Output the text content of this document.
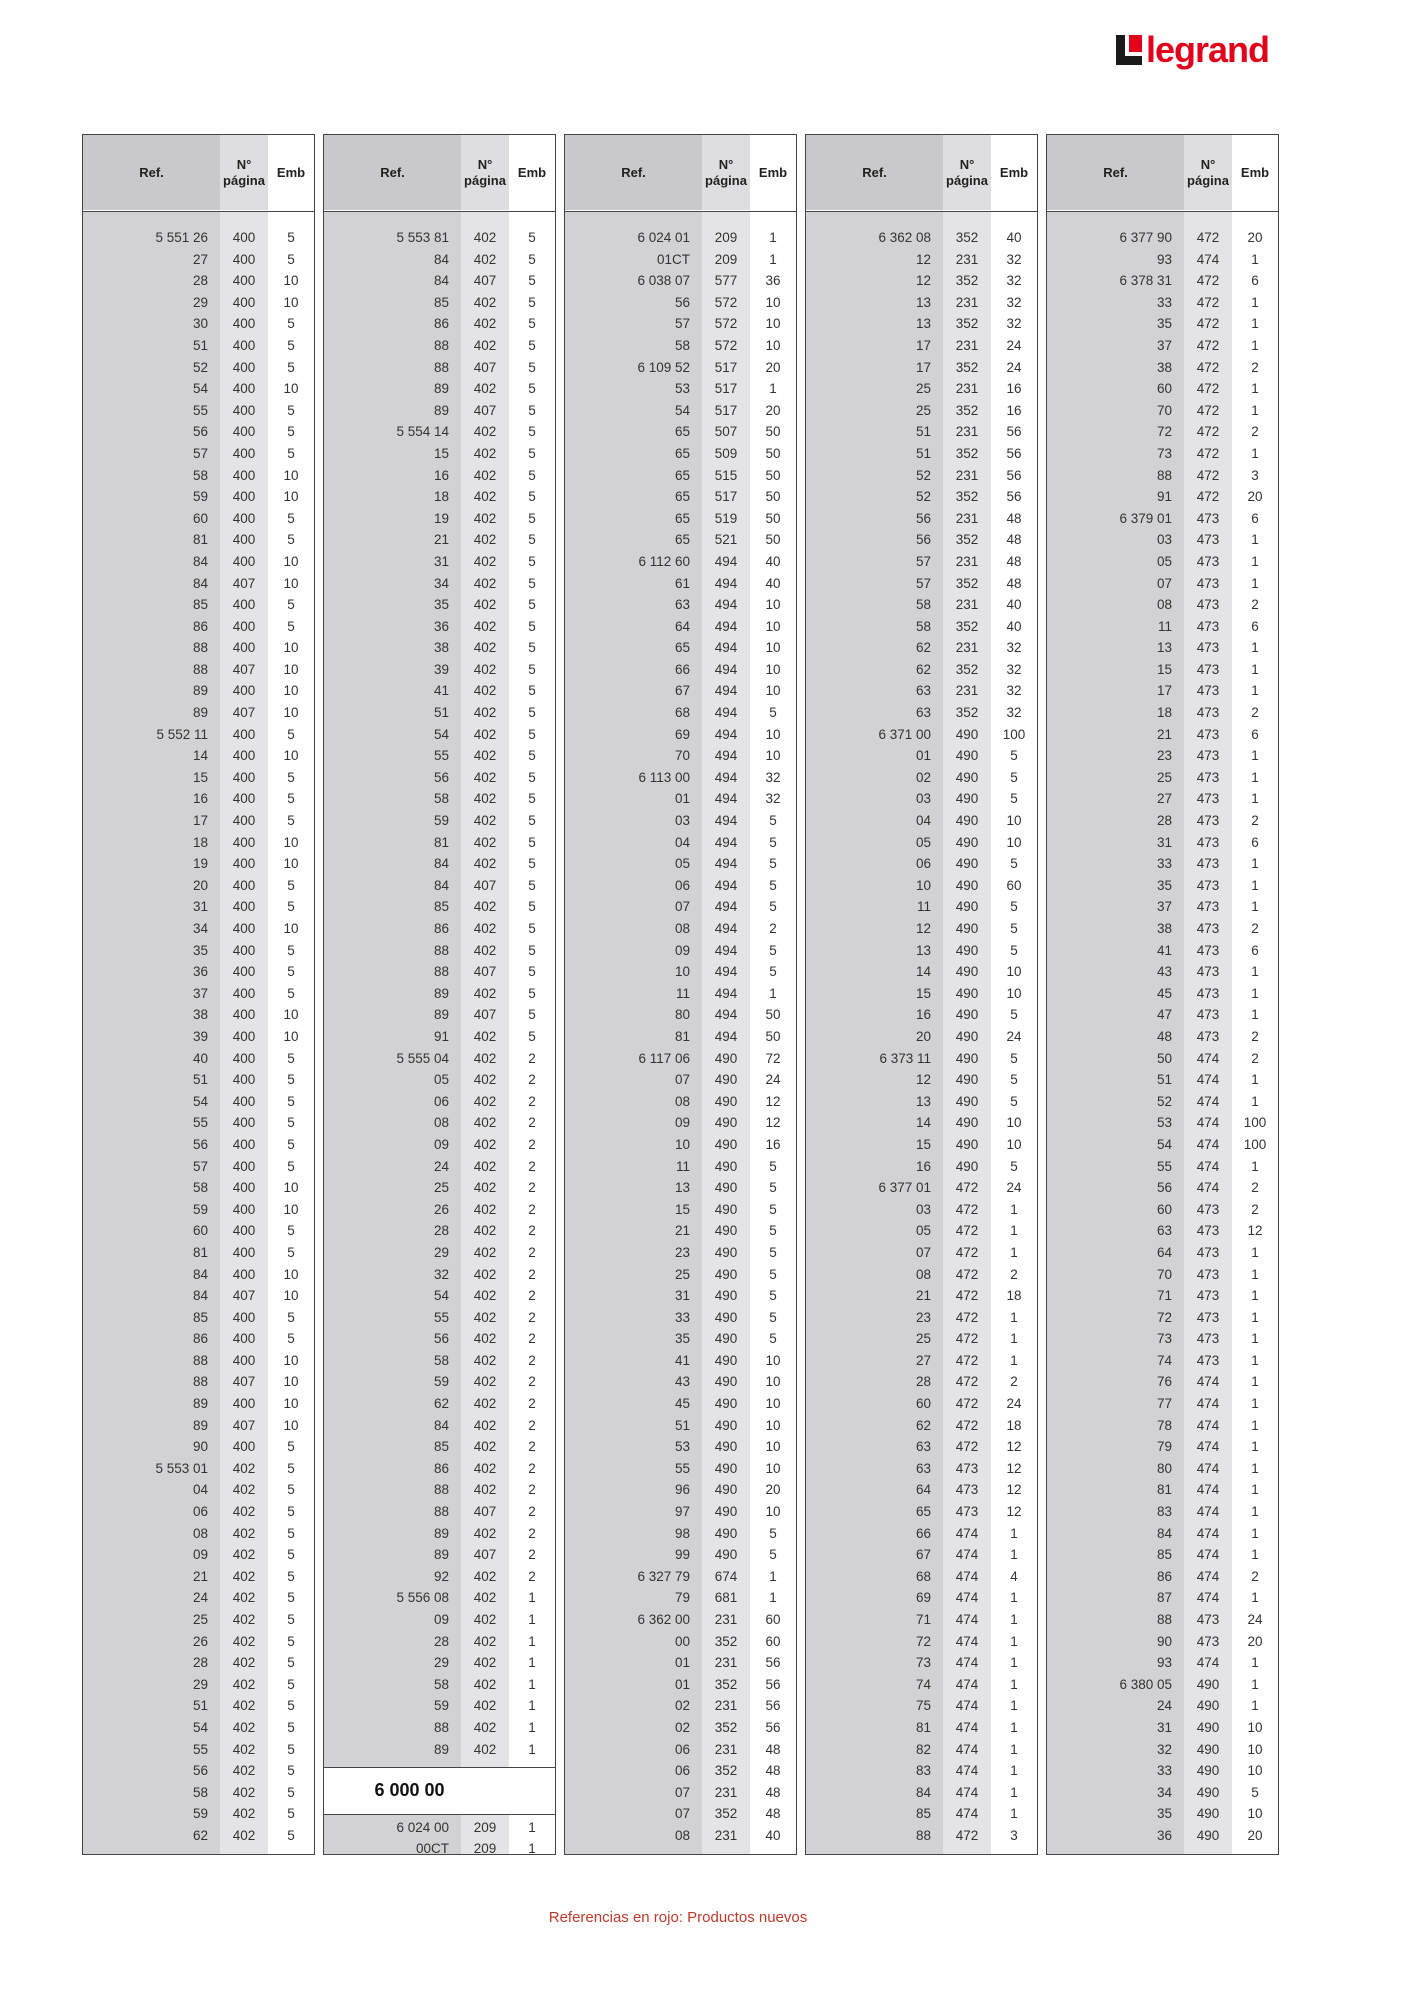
legrand
Ref.
N°
página
Emb
5 551 26	400	5
27	400	5
28	400	10
29	400	10
30	400	5
51	400	5
52	400	5
54	400	10
55	400	5
56	400	5
57	400	5
58	400	10
59	400	10
60	400	5
81	400	5
84	400	10
84	407	10
85	400	5
86	400	5
88	400	10
88	407	10
89	400	10
89	407	10
5 552 11	400	5
14	400	10
15	400	5
16	400	5
17	400	5
18	400	10
19	400	10
20	400	5
31	400	5
34	400	10
35	400	5
36	400	5
37	400	5
38	400	10
39	400	10
40	400	5
51	400	5
54	400	5
55	400	5
56	400	5
57	400	5
58	400	10
59	400	10
60	400	5
81	400	5
84	400	10
84	407	10
85	400	5
86	400	5
88	400	10
88	407	10
89	400	10
89	407	10
90	400	5
5 553 01	402	5
04	402	5
06	402	5
08	402	5
09	402	5
21	402	5
24	402	5
25	402	5
26	402	5
28	402	5
29	402	5
51	402	5
54	402	5
55	402	5
56	402	5
58	402	5
59	402	5
62	402	5
Ref.
N°
página
Emb
5 553 81	402	5
84	402	5
84	407	5
85	402	5
86	402	5
88	402	5
88	407	5
89	402	5
89	407	5
5 554 14	402	5
15	402	5
16	402	5
18	402	5
19	402	5
21	402	5
31	402	5
34	402	5
35	402	5
36	402	5
38	402	5
39	402	5
41	402	5
51	402	5
54	402	5
55	402	5
56	402	5
58	402	5
59	402	5
81	402	5
84	402	5
84	407	5
85	402	5
86	402	5
88	402	5
88	407	5
89	402	5
89	407	5
91	402	5
5 555 04	402	2
05	402	2
06	402	2
08	402	2
09	402	2
24	402	2
25	402	2
26	402	2
28	402	2
29	402	2
32	402	2
54	402	2
55	402	2
56	402	2
58	402	2
59	402	2
62	402	2
84	402	2
85	402	2
86	402	2
88	402	2
88	407	2
89	402	2
89	407	2
92	402	2
5 556 08	402	1
09	402	1
28	402	1
29	402	1
58	402	1
59	402	1
88	402	1
89	402	1
6 000 00
6 024 00	209	1
00CT	209	1
Ref.
N°
página
Emb
6 024 01	209	1
01CT	209	1
6 038 07	577	36
56	572	10
57	572	10
58	572	10
6 109 52	517	20
53	517	1
54	517	20
65	507	50
65	509	50
65	515	50
65	517	50
65	519	50
65	521	50
6 112 60	494	40
61	494	40
63	494	10
64	494	10
65	494	10
66	494	10
67	494	10
68	494	5
69	494	10
70	494	10
6 113 00	494	32
01	494	32
03	494	5
04	494	5
05	494	5
06	494	5
07	494	5
08	494	2
09	494	5
10	494	5
11	494	1
80	494	50
81	494	50
6 117 06	490	72
07	490	24
08	490	12
09	490	12
10	490	16
11	490	5
13	490	5
15	490	5
21	490	5
23	490	5
25	490	5
31	490	5
33	490	5
35	490	5
41	490	10
43	490	10
45	490	10
51	490	10
53	490	10
55	490	10
96	490	20
97	490	10
98	490	5
99	490	5
6 327 79	674	1
79	681	1
6 362 00	231	60
00	352	60
01	231	56
01	352	56
02	231	56
02	352	56
06	231	48
06	352	48
07	231	48
07	352	48
08	231	40
Ref.
N°
página
Emb
6 362 08	352	40
12	231	32
12	352	32
13	231	32
13	352	32
17	231	24
17	352	24
25	231	16
25	352	16
51	231	56
51	352	56
52	231	56
52	352	56
56	231	48
56	352	48
57	231	48
57	352	48
58	231	40
58	352	40
62	231	32
62	352	32
63	231	32
63	352	32
6 371 00	490	100
01	490	5
02	490	5
03	490	5
04	490	10
05	490	10
06	490	5
10	490	60
11	490	5
12	490	5
13	490	5
14	490	10
15	490	10
16	490	5
20	490	24
6 373 11	490	5
12	490	5
13	490	5
14	490	10
15	490	10
16	490	5
6 377 01	472	24
03	472	1
05	472	1
07	472	1
08	472	2
21	472	18
23	472	1
25	472	1
27	472	1
28	472	2
60	472	24
62	472	18
63	472	12
63	473	12
64	473	12
65	473	12
66	474	1
67	474	1
68	474	4
69	474	1
71	474	1
72	474	1
73	474	1
74	474	1
75	474	1
81	474	1
82	474	1
83	474	1
84	474	1
85	474	1
88	472	3
Ref.
N°
página
Emb
6 377 90	472	20
93	474	1
6 378 31	472	6
33	472	1
35	472	1
37	472	1
38	472	2
60	472	1
70	472	1
72	472	2
73	472	1
88	472	3
91	472	20
6 379 01	473	6
03	473	1
05	473	1
07	473	1
08	473	2
11	473	6
13	473	1
15	473	1
17	473	1
18	473	2
21	473	6
23	473	1
25	473	1
27	473	1
28	473	2
31	473	6
33	473	1
35	473	1
37	473	1
38	473	2
41	473	6
43	473	1
45	473	1
47	473	1
48	473	2
50	474	2
51	474	1
52	474	1
53	474	100
54	474	100
55	474	1
56	474	2
60	473	2
63	473	12
64	473	1
70	473	1
71	473	1
72	473	1
73	473	1
74	473	1
76	474	1
77	474	1
78	474	1
79	474	1
80	474	1
81	474	1
83	474	1
84	474	1
85	474	1
86	474	2
87	474	1
88	473	24
90	473	20
93	474	1
6 380 05	490	1
24	490	1
31	490	10
32	490	10
33	490	10
34	490	5
35	490	10
36	490	20
Referencias en rojo: Productos nuevos
